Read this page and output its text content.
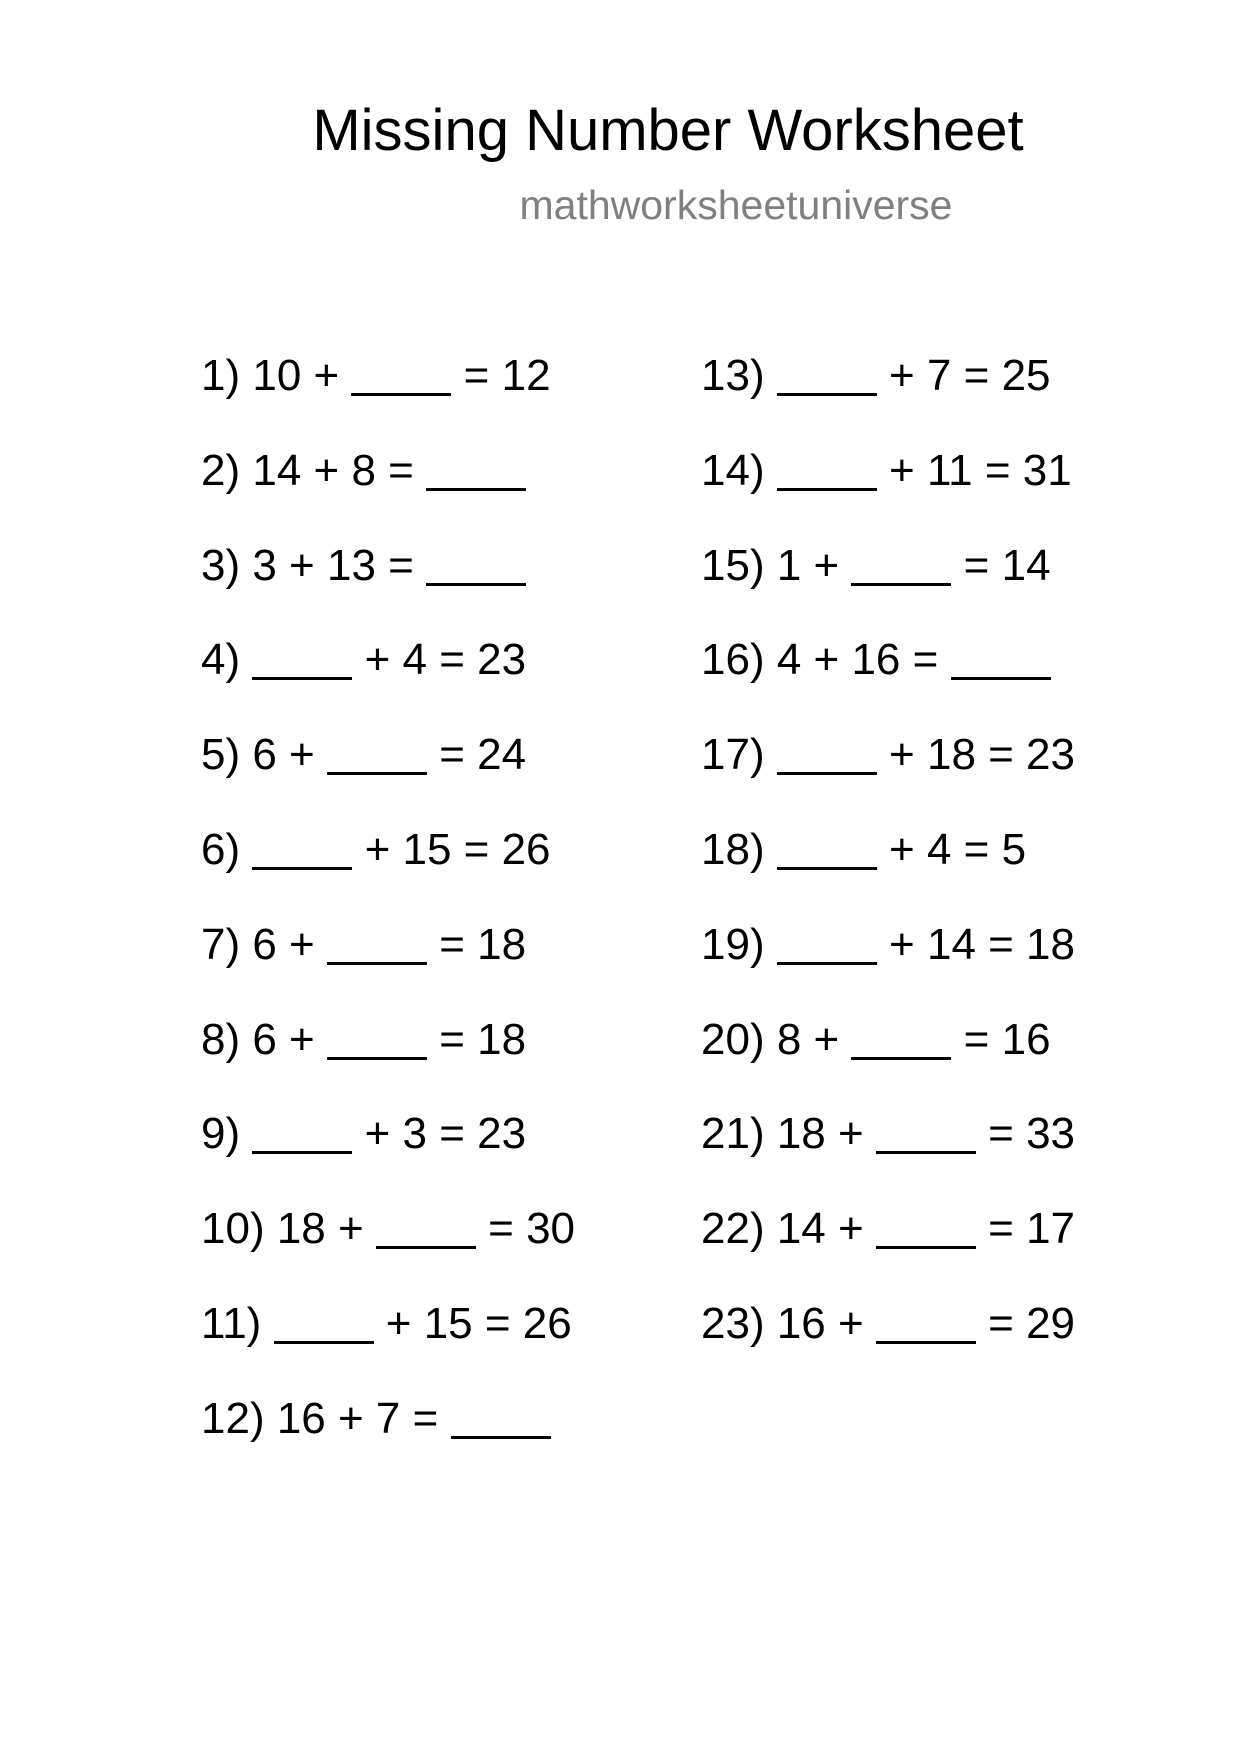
Missing Number Worksheet
mathworksheetuniverse
1)
10 + = 12
2)
14 + 8 =
3)
3 + 13 =
4)
	+ 4 = 23
5)
6 + = 24
6)
	+ 15 = 26
7)
6 + = 18
8)
6 + = 18
9)
	+ 3 = 23
10)
18 + = 30
11)
	+ 15 = 26
12)
16 + 7 =
13)
	+ 7 = 25
14)
	+ 11 = 31
15)
1 + = 14
16)
4 + 16 =
17)
	+ 18 = 23
18)
	+ 4 = 5
19)
	+ 14 = 18
20)
8 + = 16
21)
18 + = 33
22)
14 + = 17
23)
16 + = 29
